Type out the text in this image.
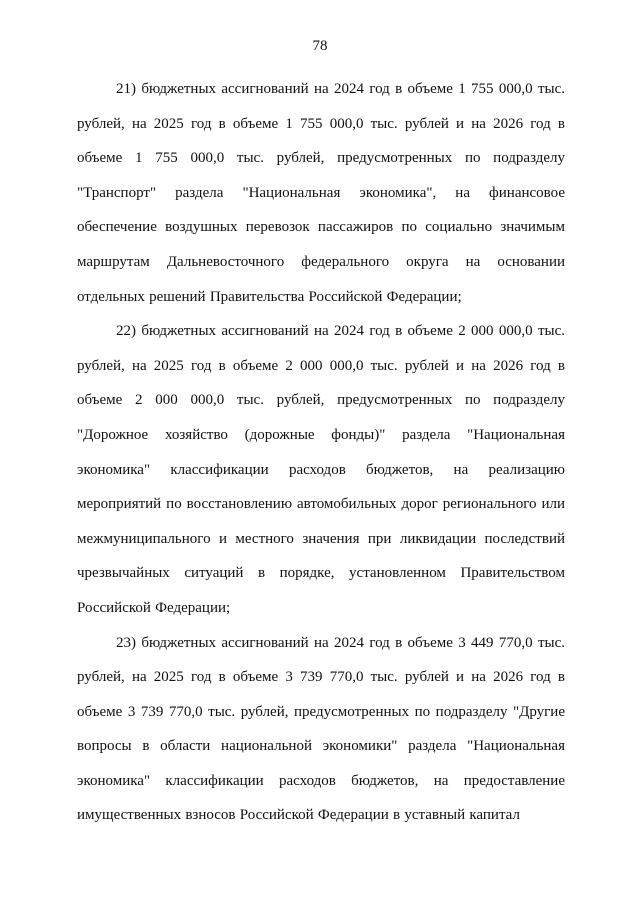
78

21) бюджетных ассигнований на 2024 год в объеме 1 755 000,0 тыс. рублей, на 2025 год в объеме 1 755 000,0 тыс. рублей и на 2026 год в объеме 1 755 000,0 тыс. рублей, предусмотренных по подразделу "Транспорт" раздела "Национальная экономика", на финансовое обеспечение воздушных перевозок пассажиров по социально значимым маршрутам Дальневосточного федерального округа на основании отдельных решений Правительства Российской Федерации;

22) бюджетных ассигнований на 2024 год в объеме 2 000 000,0 тыс. рублей, на 2025 год в объеме 2 000 000,0 тыс. рублей и на 2026 год в объеме 2 000 000,0 тыс. рублей, предусмотренных по подразделу "Дорожное хозяйство (дорожные фонды)" раздела "Национальная экономика" классификации расходов бюджетов, на реализацию мероприятий по восстановлению автомобильных дорог регионального или межмуниципального и местного значения при ликвидации последствий чрезвычайных ситуаций в порядке, установленном Правительством Российской Федерации;

23) бюджетных ассигнований на 2024 год в объеме 3 449 770,0 тыс. рублей, на 2025 год в объеме 3 739 770,0 тыс. рублей и на 2026 год в объеме 3 739 770,0 тыс. рублей, предусмотренных по подразделу "Другие вопросы в области национальной экономики" раздела "Национальная экономика" классификации расходов бюджетов, на предоставление имущественных взносов Российской Федерации в уставный капитал
